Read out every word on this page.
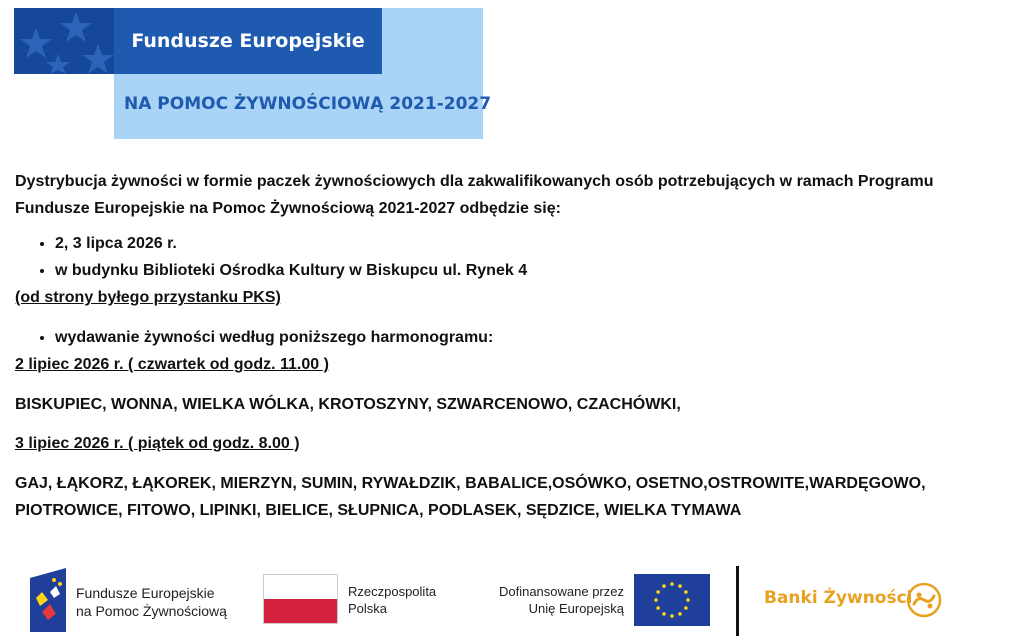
NA POMOC ŻYWNOŚCIOWĄ 2021-2027
Fundusze Europejskie

Dystrybucja żywności w formie paczek żywnościowych dla zakwalifikowanych osób potrzebujących w ramach Programu
Fundusze Europejskie na Pomoc Żywnościową 2021-2027 odbędzie się:

• 2, 3 lipca 2026 r.
• w budynku Biblioteki Ośrodka Kultury w Biskupcu ul. Rynek 4

(od strony byłego przystanku PKS)

• wydawanie żywności według poniższego harmonogramu:

2 lipiec 2026 r. ( czwartek od godz. 11.00 )

BISKUPIEC, WONNA, WIELKA WÓLKA, KROTOSZYNY, SZWARCENOWO, CZACHÓWKI,

3 lipiec 2026 r. ( piątek od godz. 8.00 )

GAJ, ŁĄKORZ, ŁĄKOREK, MIERZYN, SUMIN, RYWAŁDZIK, BABALICE,OSÓWKO, OSETNO,OSTROWITE,WARDĘGOWO,
PIOTROWICE, FITOWO, LIPINKI, BIELICE, SŁUPNICA, PODLASEK, SĘDZICE, WIELKA TYMAWA

Fundusze Europejskie
na Pomoc Żywnościową
Rzeczpospolita
Polska
Dofinansowane przez
Unię Europejską
Banki Żywności
